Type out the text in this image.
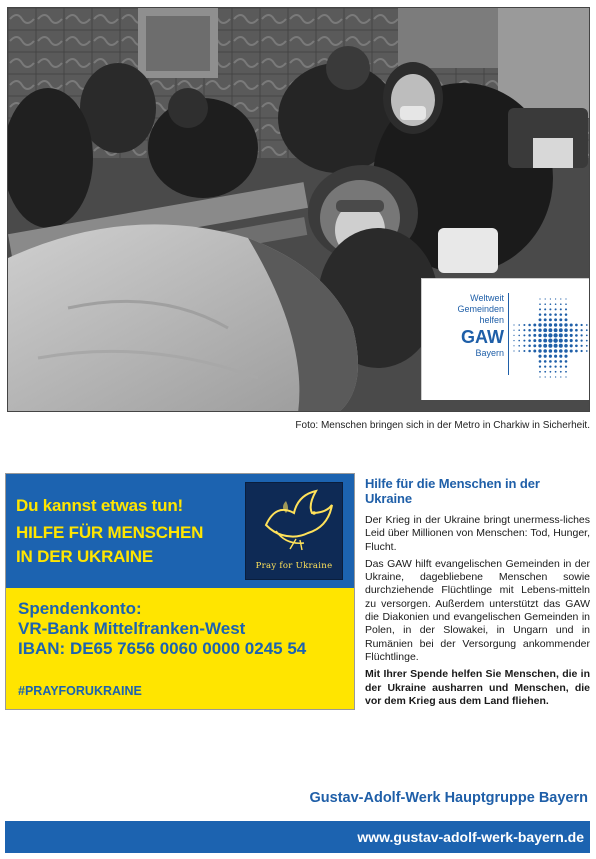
Weltweit
Gemeinden
helfen
GAW
Bayern
Foto: Menschen bringen sich in der Metro in Charkiw in Sicherheit.
Du kannst etwas tun!
HILFE FÜR MENSCHEN
IN DER UKRAINE	Pray for Ukraine
Spendenkonto:
VR-Bank Mittelfranken-West
IBAN: DE65 7656 0060 0000 0245 54
#PRAYFORUKRAINE
Hilfe für die Menschen in der Ukraine

Der Krieg in der Ukraine bringt unermess-liches Leid über Millionen von Menschen: Tod, Hunger, Flucht.

Das GAW hilft evangelischen Gemeinden in der Ukraine, dagebliebene Menschen sowie durchziehende Flüchtlinge mit Lebens-mitteln zu versorgen. Außerdem unterstützt das GAW die Diakonien und evangelischen Gemeinden in Polen, in der Slowakei, in Ungarn und in Rumänien bei der Versorgung ankommender Flüchtlinge.

Mit Ihrer Spende helfen Sie Menschen, die in der Ukraine ausharren und Menschen, die vor dem Krieg aus dem Land fliehen.

Gustav-Adolf-Werk Hauptgruppe Bayern
www.gustav-adolf-werk-bayern.de
